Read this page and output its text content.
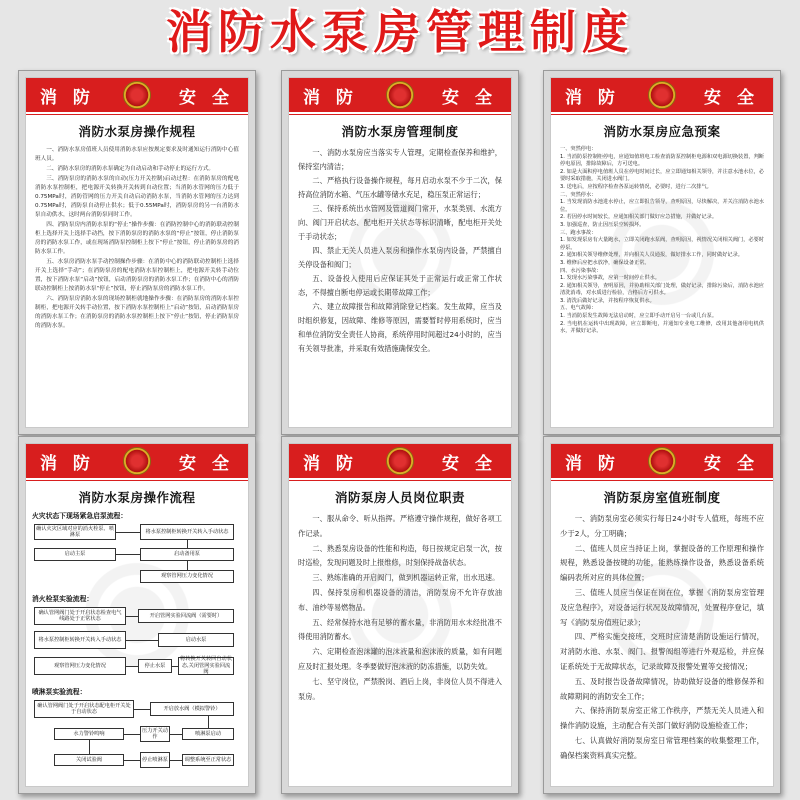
消防水泵房管理制度
消 防	安 全
消防水泵房操作规程

一、消防水泵房值班人员使用消防水泵应按规定要求及时通知运行消防中心值班人员。

二、消防水泵房的消防水泵确定为自动启动和手动停止的运行方式。

三、消防泵房的消防水泵的自动(压力开关控制)启动过程：在消防泵房的配电消防水泵控制柜，把电源开关转换开关转到自动位置；当消防水管网的压力低于0.75MPa时，消防管网的压力开关自动启动消防水泵，当消防水管网的压力达到0.75MPa时，消防泵自动停止供水；低于0.55MPa时，消防泵房的另一台消防水泵自动供水，这时两台消防泵同时工作。

四、消防泵房内消防水泵的“停止”操作步骤：在消防控制中心的消防联动控制柜上选择开关上选择手动挡，按下消防泵房的消防水泵的“停止”按钮，停止消防泵房的消防水泵工作，或在现场消防泵控制柜上按下“停止”按钮，停止消防泵房的消防水泵工作。

五、水泵房消防水泵手动控制操作步骤：在消防中心的消防联动控制柜上选择开关上选择“手动”；在消防泵房的配电消防水泵控制柜上，把电源开关转手动位置，按下消防水泵“启动”按钮，启动消防泵房的消防水泵工作；在消防中心的消防联动控制柜上按消防水泵“停止”按钮，停止消防泵房的消防水泵工作。

六、消防泵房消防水泵的现场控制柜就地操作步骤：在消防泵房的消防水泵控制柜，把电源开关转手动位置，按下消防水泵控制柜上“启动”按钮，启动消防泵房的消防水泵工作；在消防泵房的消防水泵控制柜上按下“停止”按钮，停止消防泵房的消防水泵。

消 防	安 全
消防水泵房管理制度

一、消防水泵房应当落实专人管理，定期检查保养和维护，保持室内清洁；

二、严格执行设备操作规程，每月启动水泵不少于二次，保持高位消防水箱、气压水罐等储水充足，稳压泵正常运行；

三、保持系统出水管网及管道阀门常开，水泵类别、水流方向、阀门开启状态、配电柜开关状态等标识清晰，配电柜开关处于手动状态；

四、禁止无关人员进入泵房和操作水泵房内设备，严禁擅自关停设备和阀门；

五、设备投入使用后应保证其处于正常运行或正常工作状态，不得擅自断电停运或长期带故障工作；

六、建立故障报告和故障消除登记档案。发生故障，应当及时组织修复，因故障、维修等原因，需要暂时停用系统时，应当和单位消防安全责任人协商，系统停用时间超过24小时的，应当有关领导批准，并采取有效措施确保安全。

消 防	安 全
消防水泵房应急预案

一、突然停电：

1. 当消防泵控制柜停电，应通知值班电工检查消防泵控制柜电源和双电源切换装置，判断停电原因，排除故障后，方可送电。

2. 如是大面积停电值班人员在停电时间过长，应立即通知相关领导，并注意水池水位，必要时采取措施，关闭进水阀门。

3. 送电后，应按程序检查各泵运转情况，必要时，进行二次排气。

二、突然停水：

1. 当发现消防水池进水停止，应立即报告领导，查明原因，尽快解决，并关注消防水池水位。

2. 若因停水时间较长，应通知相关部门做好应急措施，并做好记录。

3. 加强巡查，防止因压泵空转损坏。

三、跑水事故：

1. 如发现泵房有大量跑水，立即关闭跑水泵阀，查明原因，视情况关闭相关阀门，必要时停泵。

2. 通知相关领导维修处理，并向相关人员通报，做好排水工作，同时做好记录。

3. 维修后应把水放净，确保设备正常。

四、水污染事故：

1. 发现水污染事故，应第一时间停止供水。

2. 通知相关领导，查明原因，并协助相关部门处理，做好记录，排除污染后，消防水池应清洗消毒，对水质进行检验，合格后方可供水。

3. 清洗后做好记录，并按程序恢复供水。

五、电气故障：

1. 当消防泵发生故障无法启动时，应立即手动开启另一台或几台泵。

2. 当电机在运转中出现故障，应立即断电，并通知专业电工维修，改用其他备用电机供水，并做好记录。

消 防	安 全
消防水泵房操作流程
火灾状态下现场紧急启泵流程：
确认火灾区域对应的消火栓泵、喷淋泵
将水泵控制柜转换开关转入手动状态
启动主泵	启动备用泵
观察管网压力变化情况
消火栓泵实验流程：
确认管网阀门处于开启状态检查电气线路处于正常状态
开启管网实验回流阀（需要时）
将水泵控制柜转换开关转入手动状态	启动水泵
观察管网压力变化情况	停止水泵
将转换开关转回自动状态,关闭管网实验回流阀
喷淋泵实验流程：
确认管网阀门处于开启状态配电柜开关处于自动状态
开启放水阀（模拟警铃）
水力警铃鸣响
压力开关动作
喷淋泵启动
关闭试验阀	停止喷淋泵	调整系统至正常状态
消 防	安 全
消防泵房人员岗位职责

一、服从命令、听从指挥。严格遵守操作规程，做好各项工作记录。

二、熟悉泵房设备的性能和构造，每日按规定启泵一次，按时巡检，发现问题及时上报维修，时刻保持战备状态。

三、熟练准确的开启阀门，做到机器运转正常，出水迅速。

四、保持泵房和机器设备的清洁，消防泵房不允许存放油布、油纱等易燃物品。

五、经常保持水池有足够的蓄水量，非消防用水未经批准不得使用消防蓄水。

六、定期检查泡沫罐的泡沫液量和泡沫液的质量，如有问题应及时汇报处理。冬季要做好泡沫液的防冻措施，以防失效。

七、坚守岗位，严禁脱岗、酒后上岗，非岗位人员不得进入泵房。

消 防	安 全
消防泵房室值班制度

一、消防泵房室必须实行每日24小时专人值班，每班不应少于2人，分工明确；

二、值班人员应当持证上岗，掌握设备的工作原理和操作规程，熟悉设备按键的功能，能熟练操作设备，熟悉设备系统编码表所对应的具体位置；

三、值班人员应当保证在岗在位，掌握《消防泵房室管理及应急程序》，对设备运行状况及故障情况，处置程序登记，填写《消防泵房值班记录》；

四、严格实施交接班，交班时应清楚消防设施运行情况，对消防水池、水泵、阀门、报警阀组等进行外观巡检，并应保证系统处于无故障状态，记录故障及报警处置等交接情况；

五、及时报告设备故障情况，协助做好设备的维修保养和故障期间的消防安全工作；

六、保持消防泵房室正常工作秩序，严禁无关人员进入和操作消防设施，主动配合有关部门做好消防设施检查工作；

七、认真做好消防泵房室日常管理档案的收集整理工作，确保档案资料真实完整。
